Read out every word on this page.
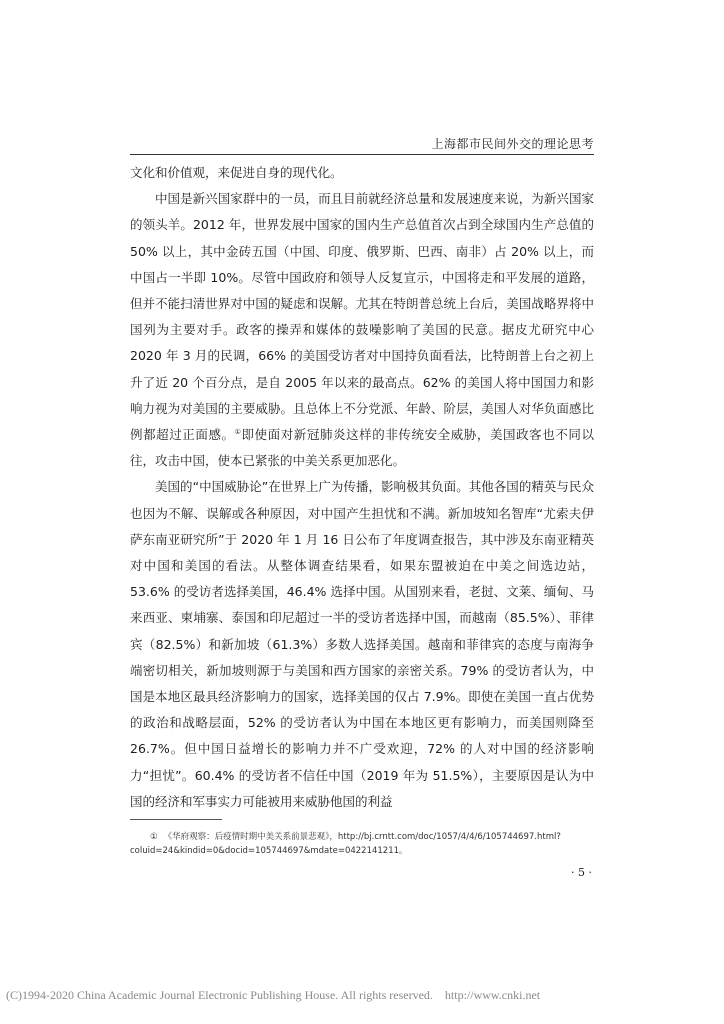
上海都市民间外交的理论思考

文化和价值观，来促进自身的现代化。

中国是新兴国家群中的一员，而且目前就经济总量和发展速度来说，为新兴国家的领头羊。2012 年，世界发展中国家的国内生产总值首次占到全球国内生产总值的 50% 以上，其中金砖五国（中国、印度、俄罗斯、巴西、南非）占 20% 以上，而中国占一半即 10%。尽管中国政府和领导人反复宣示，中国将走和平发展的道路，但并不能扫清世界对中国的疑虑和误解。尤其在特朗普总统上台后，美国战略界将中国列为主要对手。政客的操弄和媒体的鼓噪影响了美国的民意。据皮尤研究中心 2020 年 3 月的民调，66% 的美国受访者对中国持负面看法，比特朗普上台之初上升了近 20 个百分点，是自 2005 年以来的最高点。62% 的美国人将中国国力和影响力视为对美国的主要威胁。且总体上不分党派、年龄、阶层，美国人对华负面感比例都超过正面感。①即使面对新冠肺炎这样的非传统安全威胁，美国政客也不同以往，攻击中国，使本已紧张的中美关系更加恶化。

美国的“中国威胁论”在世界上广为传播，影响极其负面。其他各国的精英与民众也因为不解、误解或各种原因，对中国产生担忧和不满。新加坡知名智库“尤索夫伊萨东南亚研究所”于 2020 年 1 月 16 日公布了年度调查报告，其中涉及东南亚精英对中国和美国的看法。从整体调查结果看，如果东盟被迫在中美之间选边站，53.6% 的受访者选择美国，46.4% 选择中国。从国别来看，老挝、文莱、缅甸、马来西亚、柬埔寨、泰国和印尼超过一半的受访者选择中国，而越南（85.5%）、菲律宾（82.5%）和新加坡（61.3%）多数人选择美国。越南和菲律宾的态度与南海争端密切相关，新加坡则源于与美国和西方国家的亲密关系。79% 的受访者认为，中国是本地区最具经济影响力的国家，选择美国的仅占 7.9%。即使在美国一直占优势的政治和战略层面，52% 的受访者认为中国在本地区更有影响力，而美国则降至 26.7%。但中国日益增长的影响力并不广受欢迎，72% 的人对中国的经济影响力“担忧”。60.4% 的受访者不信任中国（2019 年为 51.5%），主要原因是认为中国的经济和军事实力可能被用来威胁他国的利益

① 《华府观察：后疫情时期中美关系前景悲观》，http://bj.crntt.com/doc/1057/4/4/6/105744697.html?coluid=24&kindid=0&docid=105744697&mdate=0422141211。
· 5 ·
(C)1994-2020 China Academic Journal Electronic Publishing House. All rights reserved. http://www.cnki.net
